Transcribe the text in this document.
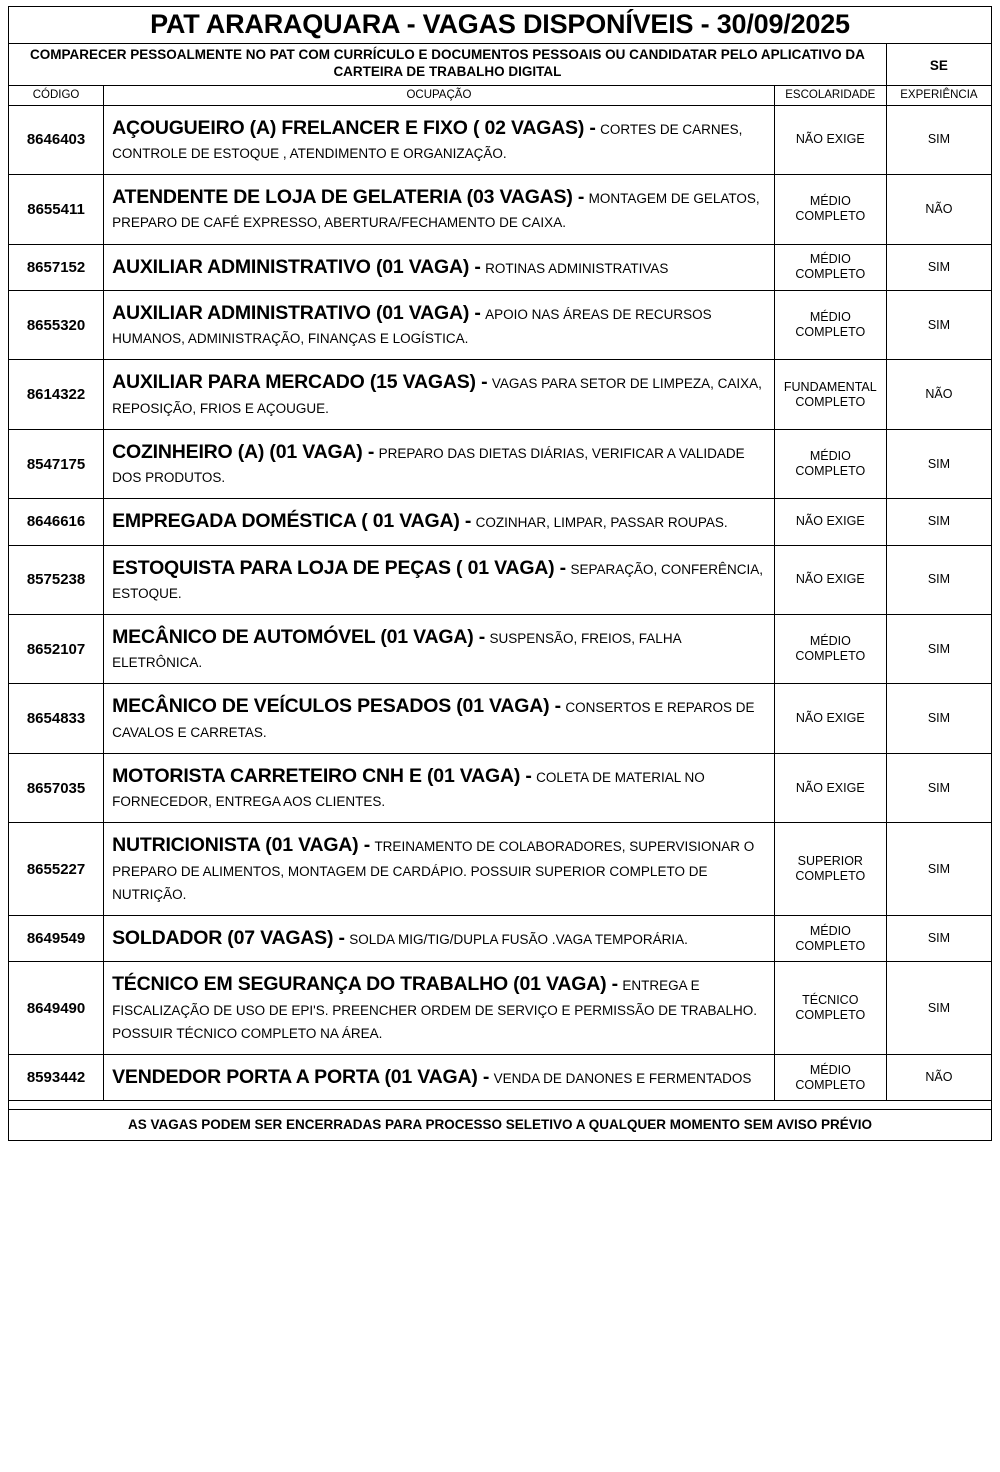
PAT ARARAQUARA - VAGAS DISPONÍVEIS - 30/09/2025			
COMPARECER PESSOALMENTE NO PAT COM CURRÍCULO E DOCUMENTOS PESSOAIS OU CANDIDATAR PELO APLICATIVO DA CARTEIRA DE TRABALHO DIGITAL			SE
CÓDIGO	OCUPAÇÃO	ESCOLARIDADE	EXPERIÊNCIA
8646403	AÇOUGUEIRO (A) FRELANCER E FIXO ( 02 VAGAS) - CORTES DE CARNES, CONTROLE DE ESTOQUE , ATENDIMENTO E ORGANIZAÇÃO.	NÃO EXIGE	SIM
8655411	ATENDENTE DE LOJA DE GELATERIA (03 VAGAS) - MONTAGEM DE GELATOS, PREPARO DE CAFÉ EXPRESSO, ABERTURA/FECHAMENTO DE CAIXA.	MÉDIO COMPLETO	NÃO
8657152	AUXILIAR ADMINISTRATIVO (01 VAGA) - ROTINAS ADMINISTRATIVAS	MÉDIO COMPLETO	SIM
8655320	AUXILIAR ADMINISTRATIVO (01 VAGA) - APOIO NAS ÁREAS DE RECURSOS HUMANOS, ADMINISTRAÇÃO, FINANÇAS E LOGÍSTICA.	MÉDIO COMPLETO	SIM
8614322	AUXILIAR PARA MERCADO (15 VAGAS) - VAGAS PARA SETOR DE LIMPEZA, CAIXA, REPOSIÇÃO, FRIOS E AÇOUGUE.	FUNDAMENTAL COMPLETO	NÃO
8547175	COZINHEIRO (A) (01 VAGA) - PREPARO DAS DIETAS DIÁRIAS, VERIFICAR A VALIDADE DOS PRODUTOS.	MÉDIO COMPLETO	SIM
8646616	EMPREGADA DOMÉSTICA ( 01 VAGA) - COZINHAR, LIMPAR, PASSAR ROUPAS.	NÃO EXIGE	SIM
8575238	ESTOQUISTA PARA LOJA DE PEÇAS ( 01 VAGA) - SEPARAÇÃO, CONFERÊNCIA, ESTOQUE.	NÃO EXIGE	SIM
8652107	MECÂNICO DE AUTOMÓVEL (01 VAGA) - SUSPENSÃO, FREIOS, FALHA ELETRÔNICA.	MÉDIO COMPLETO	SIM
8654833	MECÂNICO DE VEÍCULOS PESADOS (01 VAGA) - CONSERTOS E REPAROS DE CAVALOS E CARRETAS.	NÃO EXIGE	SIM
8657035	MOTORISTA CARRETEIRO CNH E (01 VAGA) - COLETA DE MATERIAL NO FORNECEDOR, ENTREGA AOS CLIENTES.	NÃO EXIGE	SIM
8655227	NUTRICIONISTA (01 VAGA) - TREINAMENTO DE COLABORADORES, SUPERVISIONAR O PREPARO DE ALIMENTOS, MONTAGEM DE CARDÁPIO. POSSUIR SUPERIOR COMPLETO DE NUTRIÇÃO.	SUPERIOR COMPLETO	SIM
8649549	SOLDADOR (07 VAGAS) - SOLDA MIG/TIG/DUPLA FUSÃO .VAGA TEMPORÁRIA.	MÉDIO COMPLETO	SIM
8649490	TÉCNICO EM SEGURANÇA DO TRABALHO (01 VAGA) - ENTREGA E FISCALIZAÇÃO DE USO DE EPI'S. PREENCHER ORDEM DE SERVIÇO E PERMISSÃO DE TRABALHO. POSSUIR TÉCNICO COMPLETO NA ÁREA.	TÉCNICO COMPLETO	SIM
8593442	VENDEDOR PORTA A PORTA (01 VAGA) - VENDA DE DANONES E FERMENTADOS	MÉDIO COMPLETO	NÃO

AS VAGAS PODEM SER ENCERRADAS PARA PROCESSO SELETIVO A QUALQUER MOMENTO SEM AVISO PRÉVIO			
